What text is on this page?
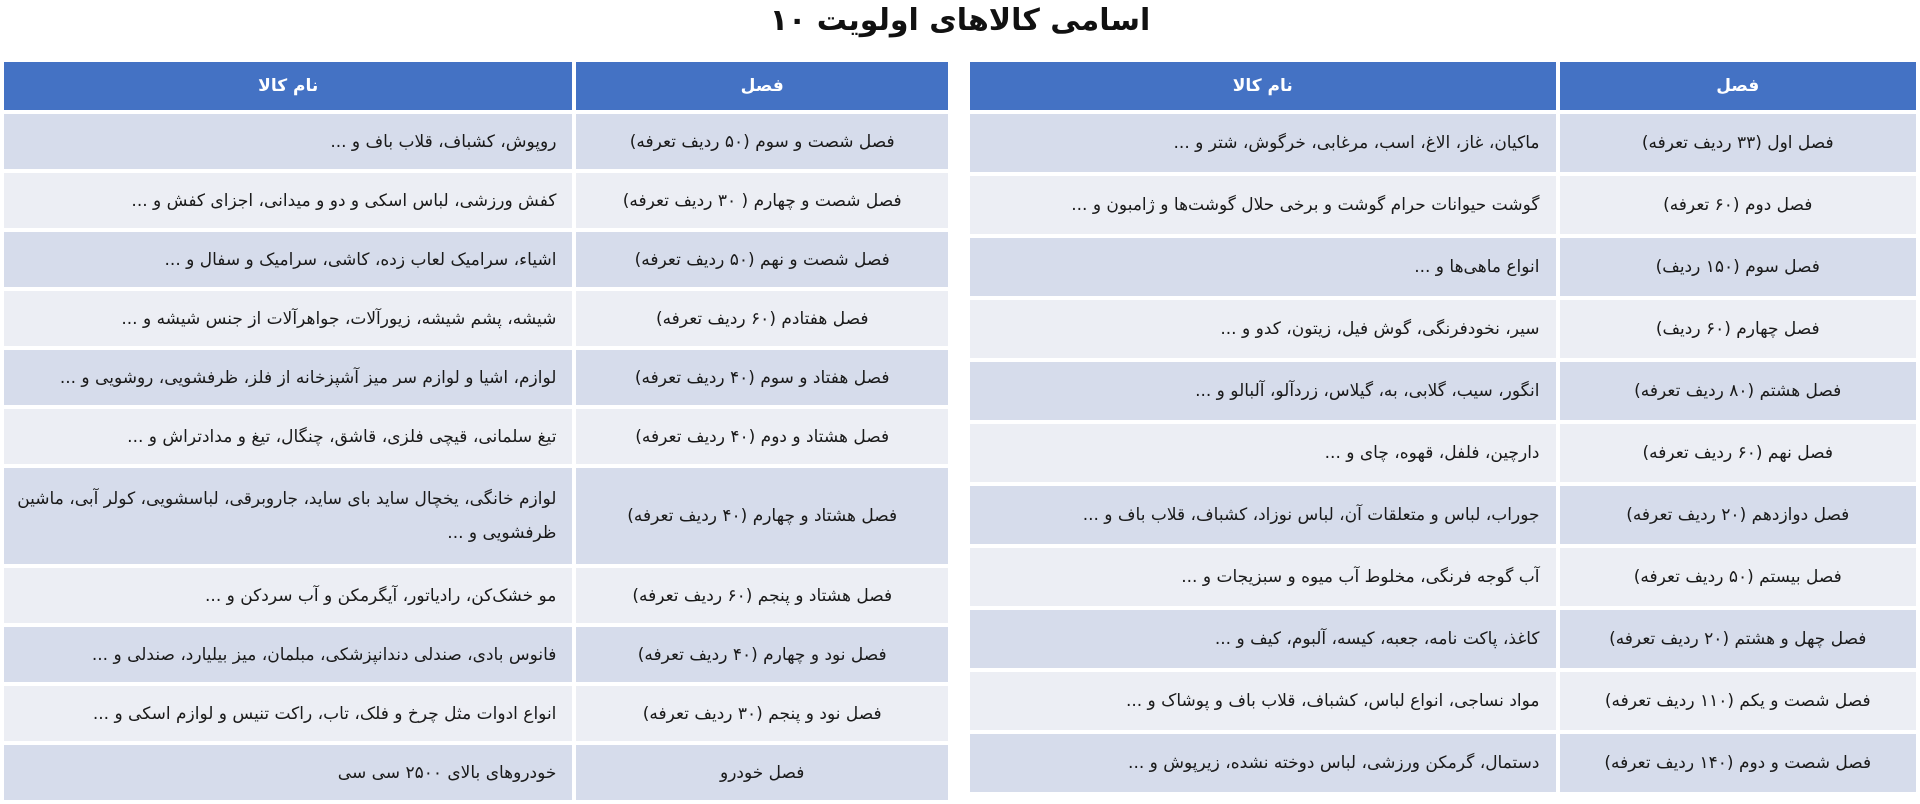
اسامی کالاهای اولویت ۱۰
فصل	نام کالا
فصل اول (۳۳ ردیف تعرفه)	ماکیان، غاز، الاغ، اسب، مرغابی، خرگوش، شتر و ...
فصل دوم (۶۰ تعرفه)	گوشت حیوانات حرام گوشت و برخی حلال گوشت‌ها و ژامبون و ...
فصل سوم (۱۵۰ ردیف)	انواع ماهی‌ها و ...
فصل چهارم (۶۰ ردیف)	سیر، نخودفرنگی، گوش فیل، زیتون، کدو و ...
فصل هشتم (۸۰ ردیف تعرفه)	انگور، سیب، گلابی، به، گیلاس، زردآلو، آلبالو و ...
فصل نهم (۶۰ ردیف تعرفه)	دارچین، فلفل، قهوه، چای و ...
فصل دوازدهم (۲۰ ردیف تعرفه)	جوراب، لباس و متعلقات آن، لباس نوزاد، کشباف، قلاب باف و ...
فصل بیستم (۵۰ ردیف تعرفه)	آب گوجه فرنگی، مخلوط آب میوه و سبزیجات و ...
فصل چهل و هشتم (۲۰ ردیف تعرفه)	کاغذ، پاکت نامه، جعبه، کیسه، آلبوم، کیف و ...
فصل شصت و یکم (۱۱۰ ردیف تعرفه)	مواد نساجی، انواع لباس، کشباف، قلاب باف و پوشاک و ...
فصل شصت و دوم (۱۴۰ ردیف تعرفه)	دستمال، گرمکن ورزشی، لباس دوخته نشده، زیرپوش و ...
فصل	نام کالا
فصل شصت و سوم (۵۰ ردیف تعرفه)	روپوش، کشباف، قلاب باف و ...
فصل شصت و چهارم ( ۳۰ ردیف تعرفه)	کفش ورزشی، لباس اسکی و دو و میدانی، اجزای کفش و ...
فصل شصت و نهم (۵۰ ردیف تعرفه)	اشیاء، سرامیک لعاب زده، کاشی، سرامیک و سفال و ...
فصل هفتادم (۶۰ ردیف تعرفه)	شیشه، پشم شیشه، زیورآلات، جواهرآلات از جنس شیشه و ...
فصل هفتاد و سوم (۴۰ ردیف تعرفه)	لوازم، اشیا و لوازم سر میز آشپزخانه از فلز، ظرفشویی، روشویی و ...
فصل هشتاد و دوم (۴۰ ردیف تعرفه)	تیغ سلمانی، قیچی فلزی، قاشق، چنگال، تیغ و مدادتراش و ...
فصل هشتاد و چهارم (۴۰ ردیف تعرفه)	لوازم خانگی، یخچال ساید بای ساید، جاروبرقی، لباسشویی، کولر آبی، ماشین ظرفشویی و ...
فصل هشتاد و پنجم (۶۰ ردیف تعرفه)	مو خشک‌کن، رادیاتور، آیگرمکن و آب سردکن و ...
فصل نود و چهارم (۴۰ ردیف تعرفه)	فانوس بادی، صندلی دندانپزشکی، مبلمان، میز بیلیارد، صندلی و ...
فصل نود و پنجم (۳۰ ردیف تعرفه)	انواع ادوات مثل چرخ و فلک، تاب، راکت تنیس و لوازم اسکی و ...
فصل خودرو	خودروهای بالای ۲۵۰۰ سی سی
